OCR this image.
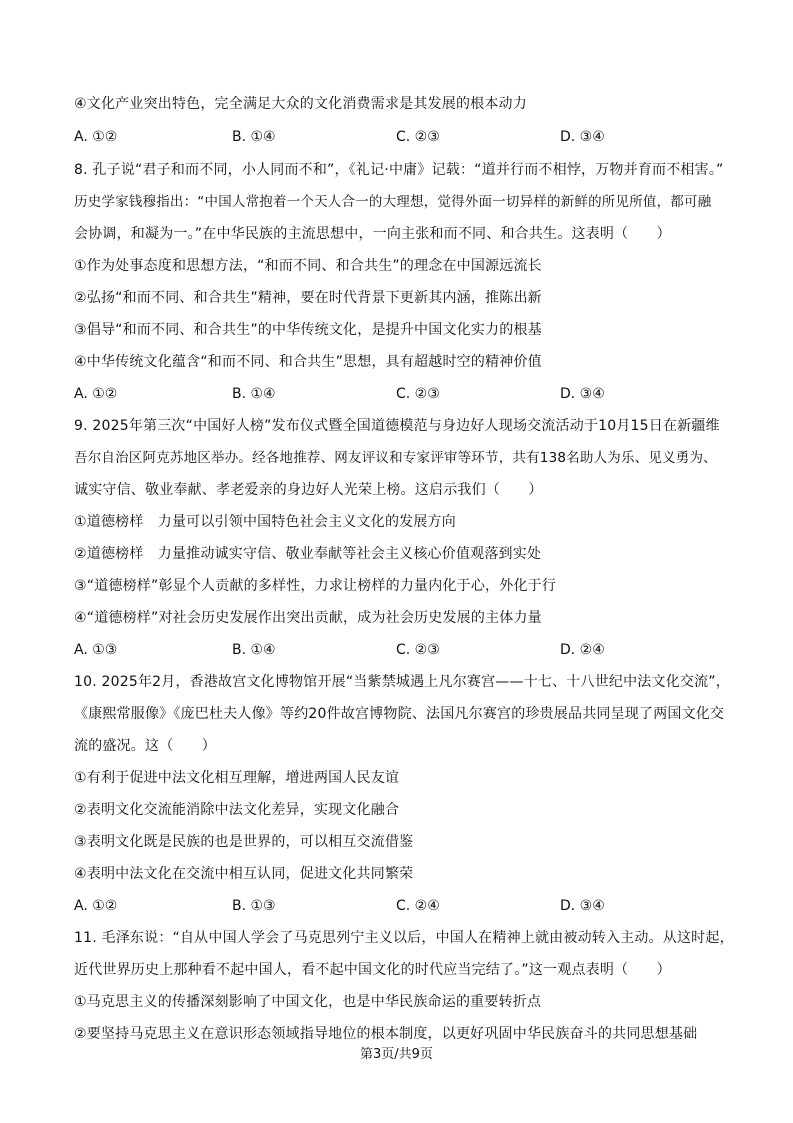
④文化产业突出特色，完全满足大众的文化消费需求是其发展的根本动力
A. ①②	B. ①④	C. ②③	D. ③④
8. 孔子说“君子和而不同，小人同而不和”，《礼记·中庸》记载：“道并行而不相悖，万物并育而不相害。”
历史学家钱穆指出：“中国人常抱着一个天人合一的大理想，觉得外面一切异样的新鲜的所见所值，都可融
会协调，和凝为一。”在中华民族的主流思想中，一向主张和而不同、和合共生。这表明（　　）
①作为处事态度和思想方法，“和而不同、和合共生”的理念在中国源远流长
②弘扬“和而不同、和合共生”精神，要在时代背景下更新其内涵，推陈出新
③倡导“和而不同、和合共生”的中华传统文化，是提升中国文化实力的根基
④中华传统文化蕴含“和而不同、和合共生”思想，具有超越时空的精神价值
A. ①②	B. ①④	C. ②③	D. ③④
9. 2025年第三次“中国好人榜”发布仪式暨全国道德模范与身边好人现场交流活动于10月15日在新疆维
吾尔自治区阿克苏地区举办。经各地推荐、网友评议和专家评审等环节，共有138名助人为乐、见义勇为、
诚实守信、敬业奉献、孝老爱亲的身边好人光荣上榜。这启示我们（　　）
①道德榜样　力量可以引领中国特色社会主义文化的发展方向
②道德榜样　力量推动诚实守信、敬业奉献等社会主义核心价值观落到实处
③“道德榜样”彰显个人贡献的多样性，力求让榜样的力量内化于心，外化于行
④“道德榜样”对社会历史发展作出突出贡献，成为社会历史发展的主体力量
A. ①③	B. ①④	C. ②③	D. ②④
10. 2025年2月，香港故宫文化博物馆开展“当紫禁城遇上凡尔赛宫——十七、十八世纪中法文化交流”，
《康熙常服像》《庞巴杜夫人像》等约20件故宫博物院、法国凡尔赛宫的珍贵展品共同呈现了两国文化交
流的盛况。这（　　）
①有利于促进中法文化相互理解，增进两国人民友谊
②表明文化交流能消除中法文化差异，实现文化融合
③表明文化既是民族的也是世界的，可以相互交流借鉴
④表明中法文化在交流中相互认同，促进文化共同繁荣
A. ①②	B. ①③	C. ②④	D. ③④
11. 毛泽东说：“自从中国人学会了马克思列宁主义以后，中国人在精神上就由被动转入主动。从这时起，
近代世界历史上那种看不起中国人，看不起中国文化的时代应当完结了。”这一观点表明（　　）
①马克思主义的传播深刻影响了中国文化，也是中华民族命运的重要转折点
②要坚持马克思主义在意识形态领域指导地位的根本制度，以更好巩固中华民族奋斗的共同思想基础
第3页/共9页
